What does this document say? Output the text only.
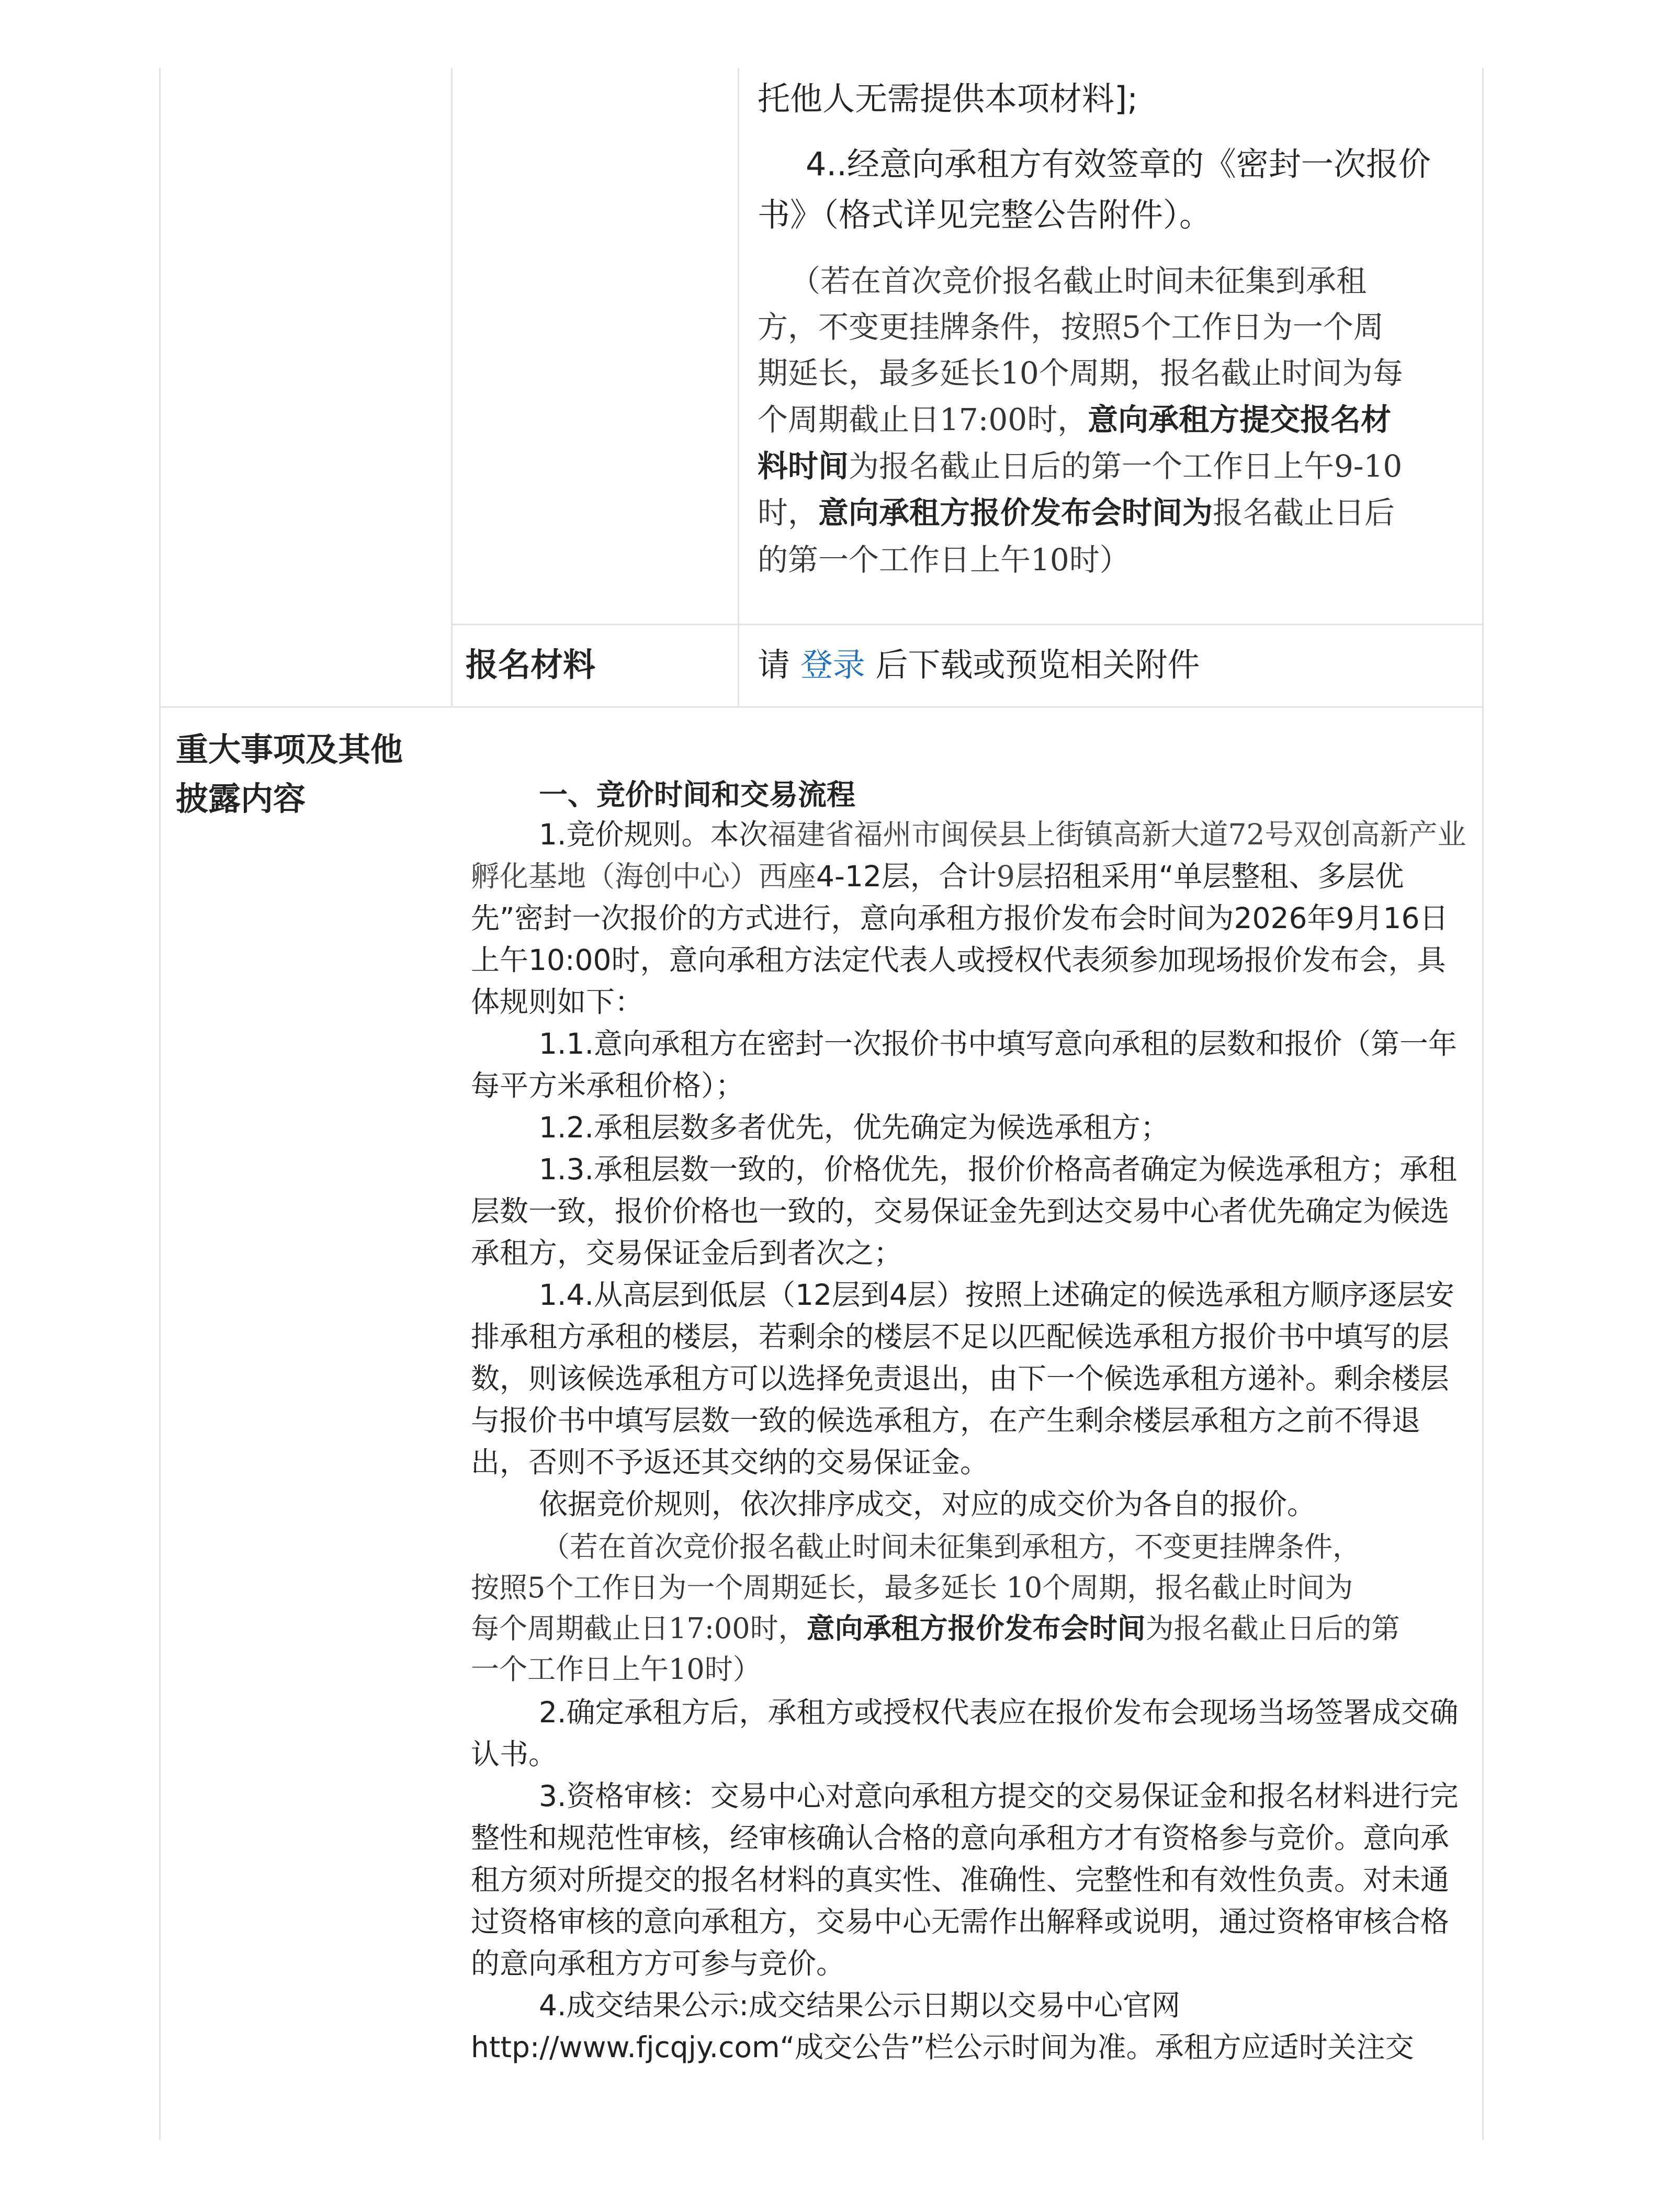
托他人无需提供本项材料];
4..经意向承租方有效签章的《密封一次报价
书》（格式详见完整公告附件）。
（若在首次竞价报名截止时间未征集到承租
方，不变更挂牌条件，按照5个工作日为一个周
期延长，最多延长10个周期，报名截止时间为每
个周期截止日17:00时，意向承租方提交报名材
料时间为报名截止日后的第一个工作日上午9-10
时，意向承租方报价发布会时间为报名截止日后
的第一个工作日上午10时）
报名材料	请 登录 后下载或预览相关附件
重大事项及其他
披露内容	一、竞价时间和交易流程
1.竞价规则。本次福建省福州市闽侯县上街镇高新大道72号双创高新产业
孵化基地（海创中心）西座4-12层，合计9层招租采用“单层整租、多层优
先”密封一次报价的方式进行，意向承租方报价发布会时间为2026年9月16日
上午10:00时，意向承租方法定代表人或授权代表须参加现场报价发布会，具
体规则如下：
1.1.意向承租方在密封一次报价书中填写意向承租的层数和报价（第一年
每平方米承租价格）；
1.2.承租层数多者优先，优先确定为候选承租方；
1.3.承租层数一致的，价格优先，报价价格高者确定为候选承租方；承租
层数一致，报价价格也一致的，交易保证金先到达交易中心者优先确定为候选
承租方，交易保证金后到者次之；
1.4.从高层到低层（12层到4层）按照上述确定的候选承租方顺序逐层安
排承租方承租的楼层，若剩余的楼层不足以匹配候选承租方报价书中填写的层
数，则该候选承租方可以选择免责退出，由下一个候选承租方递补。剩余楼层
与报价书中填写层数一致的候选承租方，在产生剩余楼层承租方之前不得退
出，否则不予返还其交纳的交易保证金。
依据竞价规则，依次排序成交，对应的成交价为各自的报价。
（若在首次竞价报名截止时间未征集到承租方，不变更挂牌条件，
按照5个工作日为一个周期延长，最多延长 10个周期，报名截止时间为
每个周期截止日17:00时，意向承租方报价发布会时间为报名截止日后的第
一个工作日上午10时）
2.确定承租方后，承租方或授权代表应在报价发布会现场当场签署成交确
认书。
3.资格审核：交易中心对意向承租方提交的交易保证金和报名材料进行完
整性和规范性审核，经审核确认合格的意向承租方才有资格参与竞价。意向承
租方须对所提交的报名材料的真实性、准确性、完整性和有效性负责。对未通
过资格审核的意向承租方，交易中心无需作出解释或说明，通过资格审核合格
的意向承租方方可参与竞价。
4.成交结果公示:成交结果公示日期以交易中心官网
http://www.fjcqjy.com“成交公告”栏公示时间为准。承租方应适时关注交
